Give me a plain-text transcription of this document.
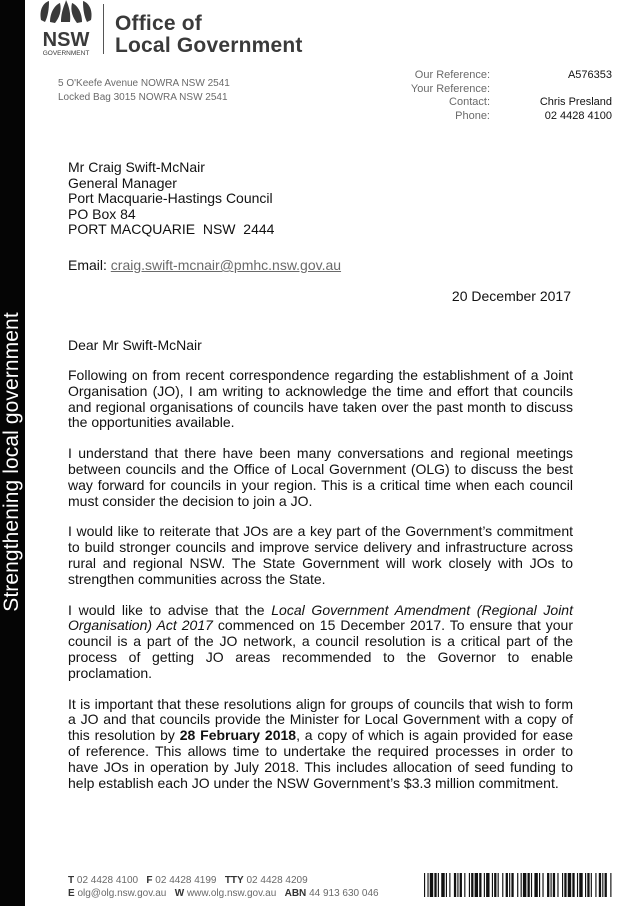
Strengthening local government
NSW
GOVERNMENT
Office of
Local Government
5 O'Keefe Avenue NOWRA NSW 2541
Locked Bag 3015 NOWRA NSW 2541
Our Reference:	A576353
Your Reference:
Contact:	Chris Presland
Phone:	02 4428 4100
Mr Craig Swift-McNair
General Manager
Port Macquarie-Hastings Council
PO Box 84
PORT MACQUARIE  NSW  2444
Email: craig.swift-mcnair@pmhc.nsw.gov.au
20 December 2017
Dear Mr Swift-McNair

Following on from recent correspondence regarding the establishment of a Joint Organisation (JO), I am writing to acknowledge the time and effort that councils and regional organisations of councils have taken over the past month to discuss the opportunities available.

I understand that there have been many conversations and regional meetings between councils and the Office of Local Government (OLG) to discuss the best way forward for councils in your region. This is a critical time when each council must consider the decision to join a JO.

I would like to reiterate that JOs are a key part of the Government’s commitment to build stronger councils and improve service delivery and infrastructure across rural and regional NSW. The State Government will work closely with JOs to strengthen communities across the State.

I would like to advise that the Local Government Amendment (Regional Joint Organisation) Act 2017 commenced on 15 December 2017. To ensure that your council is a part of the JO network, a council resolution is a critical part of the process of getting JO areas recommended to the Governor to enable proclamation.

It is important that these resolutions align for groups of councils that wish to form a JO and that councils provide the Minister for Local Government with a copy of this resolution by 28 February 2018, a copy of which is again provided for ease of reference. This allows time to undertake the required processes in order to have JOs in operation by July 2018. This includes allocation of seed funding to help establish each JO under the NSW Government’s $3.3 million commitment.

T 02 4428 4100 F 02 4428 4199 TTY 02 4428 4209
E olg@olg.nsw.gov.au W www.olg.nsw.gov.au ABN 44 913 630 046
